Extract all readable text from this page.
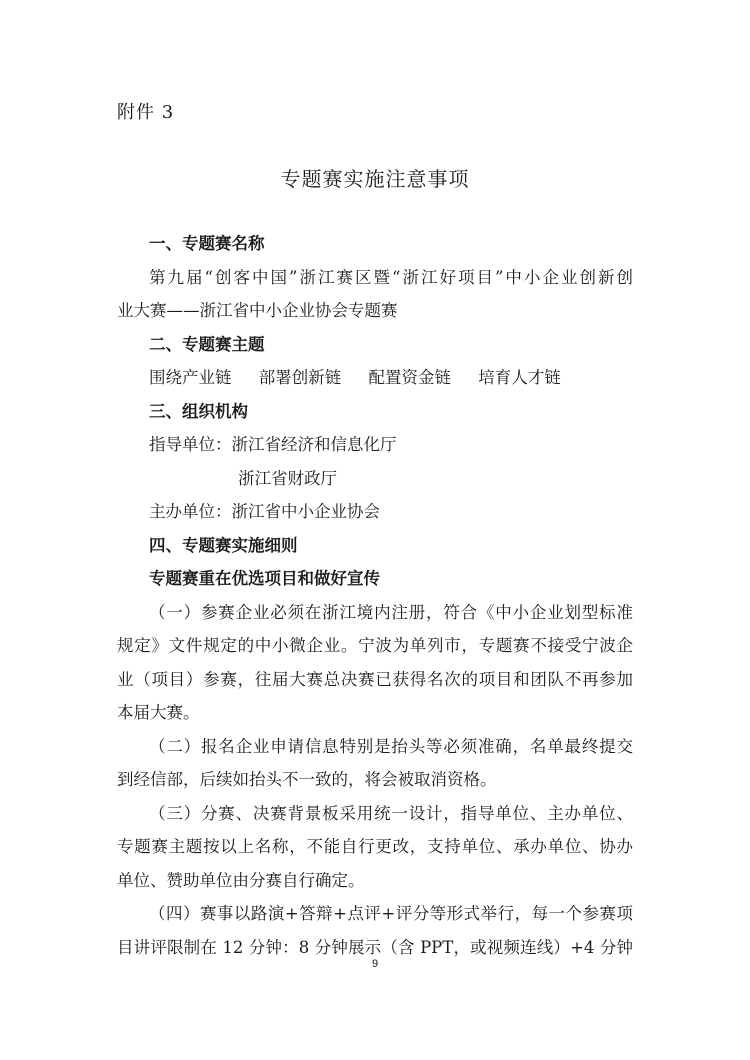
附件 3
专题赛实施注意事项
一、专题赛名称
第九届“创客中国”浙江赛区暨“浙江好项目”中小企业创新创
业大赛——浙江省中小企业协会专题赛
二、专题赛主题
围绕产业链 部署创新链 配置资金链 培育人才链
三、组织机构
指导单位：浙江省经济和信息化厅
浙江省财政厅
主办单位：浙江省中小企业协会
四、专题赛实施细则
专题赛重在优选项目和做好宣传
（一）参赛企业必须在浙江境内注册，符合《中小企业划型标准
规定》文件规定的中小微企业。宁波为单列市，专题赛不接受宁波企
业（项目）参赛，往届大赛总决赛已获得名次的项目和团队不再参加
本届大赛。
（二）报名企业申请信息特别是抬头等必须准确，名单最终提交
到经信部，后续如抬头不一致的，将会被取消资格。
（三）分赛、决赛背景板采用统一设计，指导单位、主办单位、
专题赛主题按以上名称，不能自行更改，支持单位、承办单位、协办
单位、赞助单位由分赛自行确定。
（四）赛事以路演+答辩+点评+评分等形式举行，每一个参赛项
目讲评限制在 12 分钟：8 分钟展示（含 PPT，或视频连线）+4 分钟
9
